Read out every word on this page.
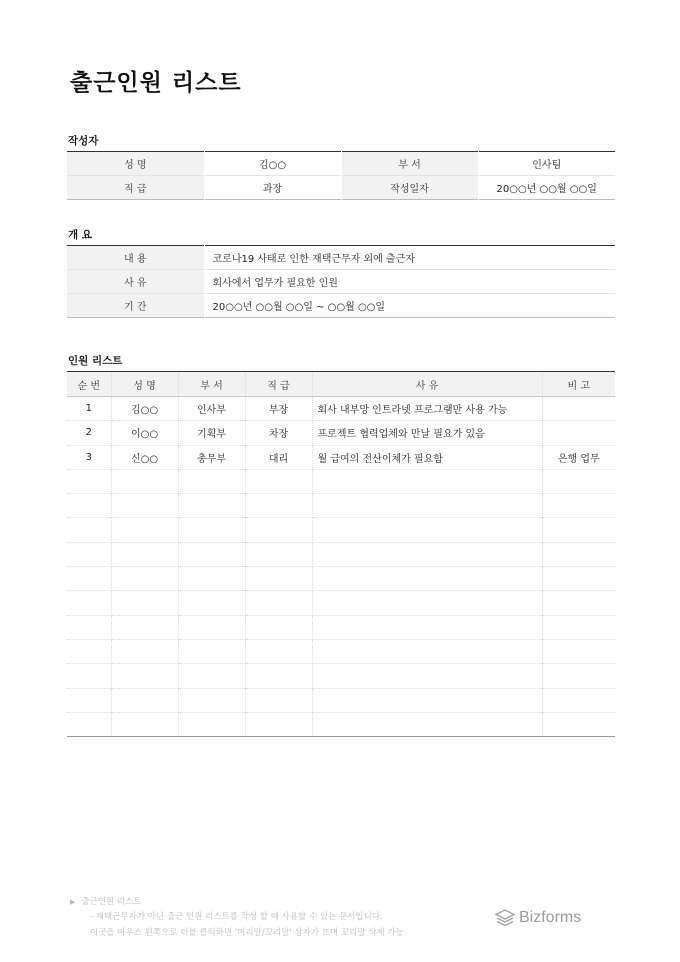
출근인원 리스트
작성자
성 명	김○○	부 서	인사팀
직 급	과장	작성일자	20○○년 ○○월 ○○일
개 요
내 용	코로나19 사태로 인한 재택근무자 외에 출근자
사 유	회사에서 업무가 필요한 인원
기 간	20○○년 ○○월 ○○일 ~ ○○월 ○○일
인원 리스트
순 번	성 명	부 서	직 급	사 유	비 고
1	김○○	인사부	부장	회사 내부망 인트라넷 프로그램만 사용 가능	
2	이○○	기획부	차장	프로젝트 협력업체와 만날 필요가 있음	
3	신○○	총무부	대리	월 급여의 전산이체가 필요함	은행 업무

▶ 출근인원 리스트
- 재택근무자가 아닌 출근 인원 리스트를 작성 할 때 사용할 수 있는 문서입니다.
이곳을 마우스 왼쪽으로 더블 클릭하면 '머리말/꼬리말' 상자가 뜨며 꼬리말 삭제 가능
Bizforms
